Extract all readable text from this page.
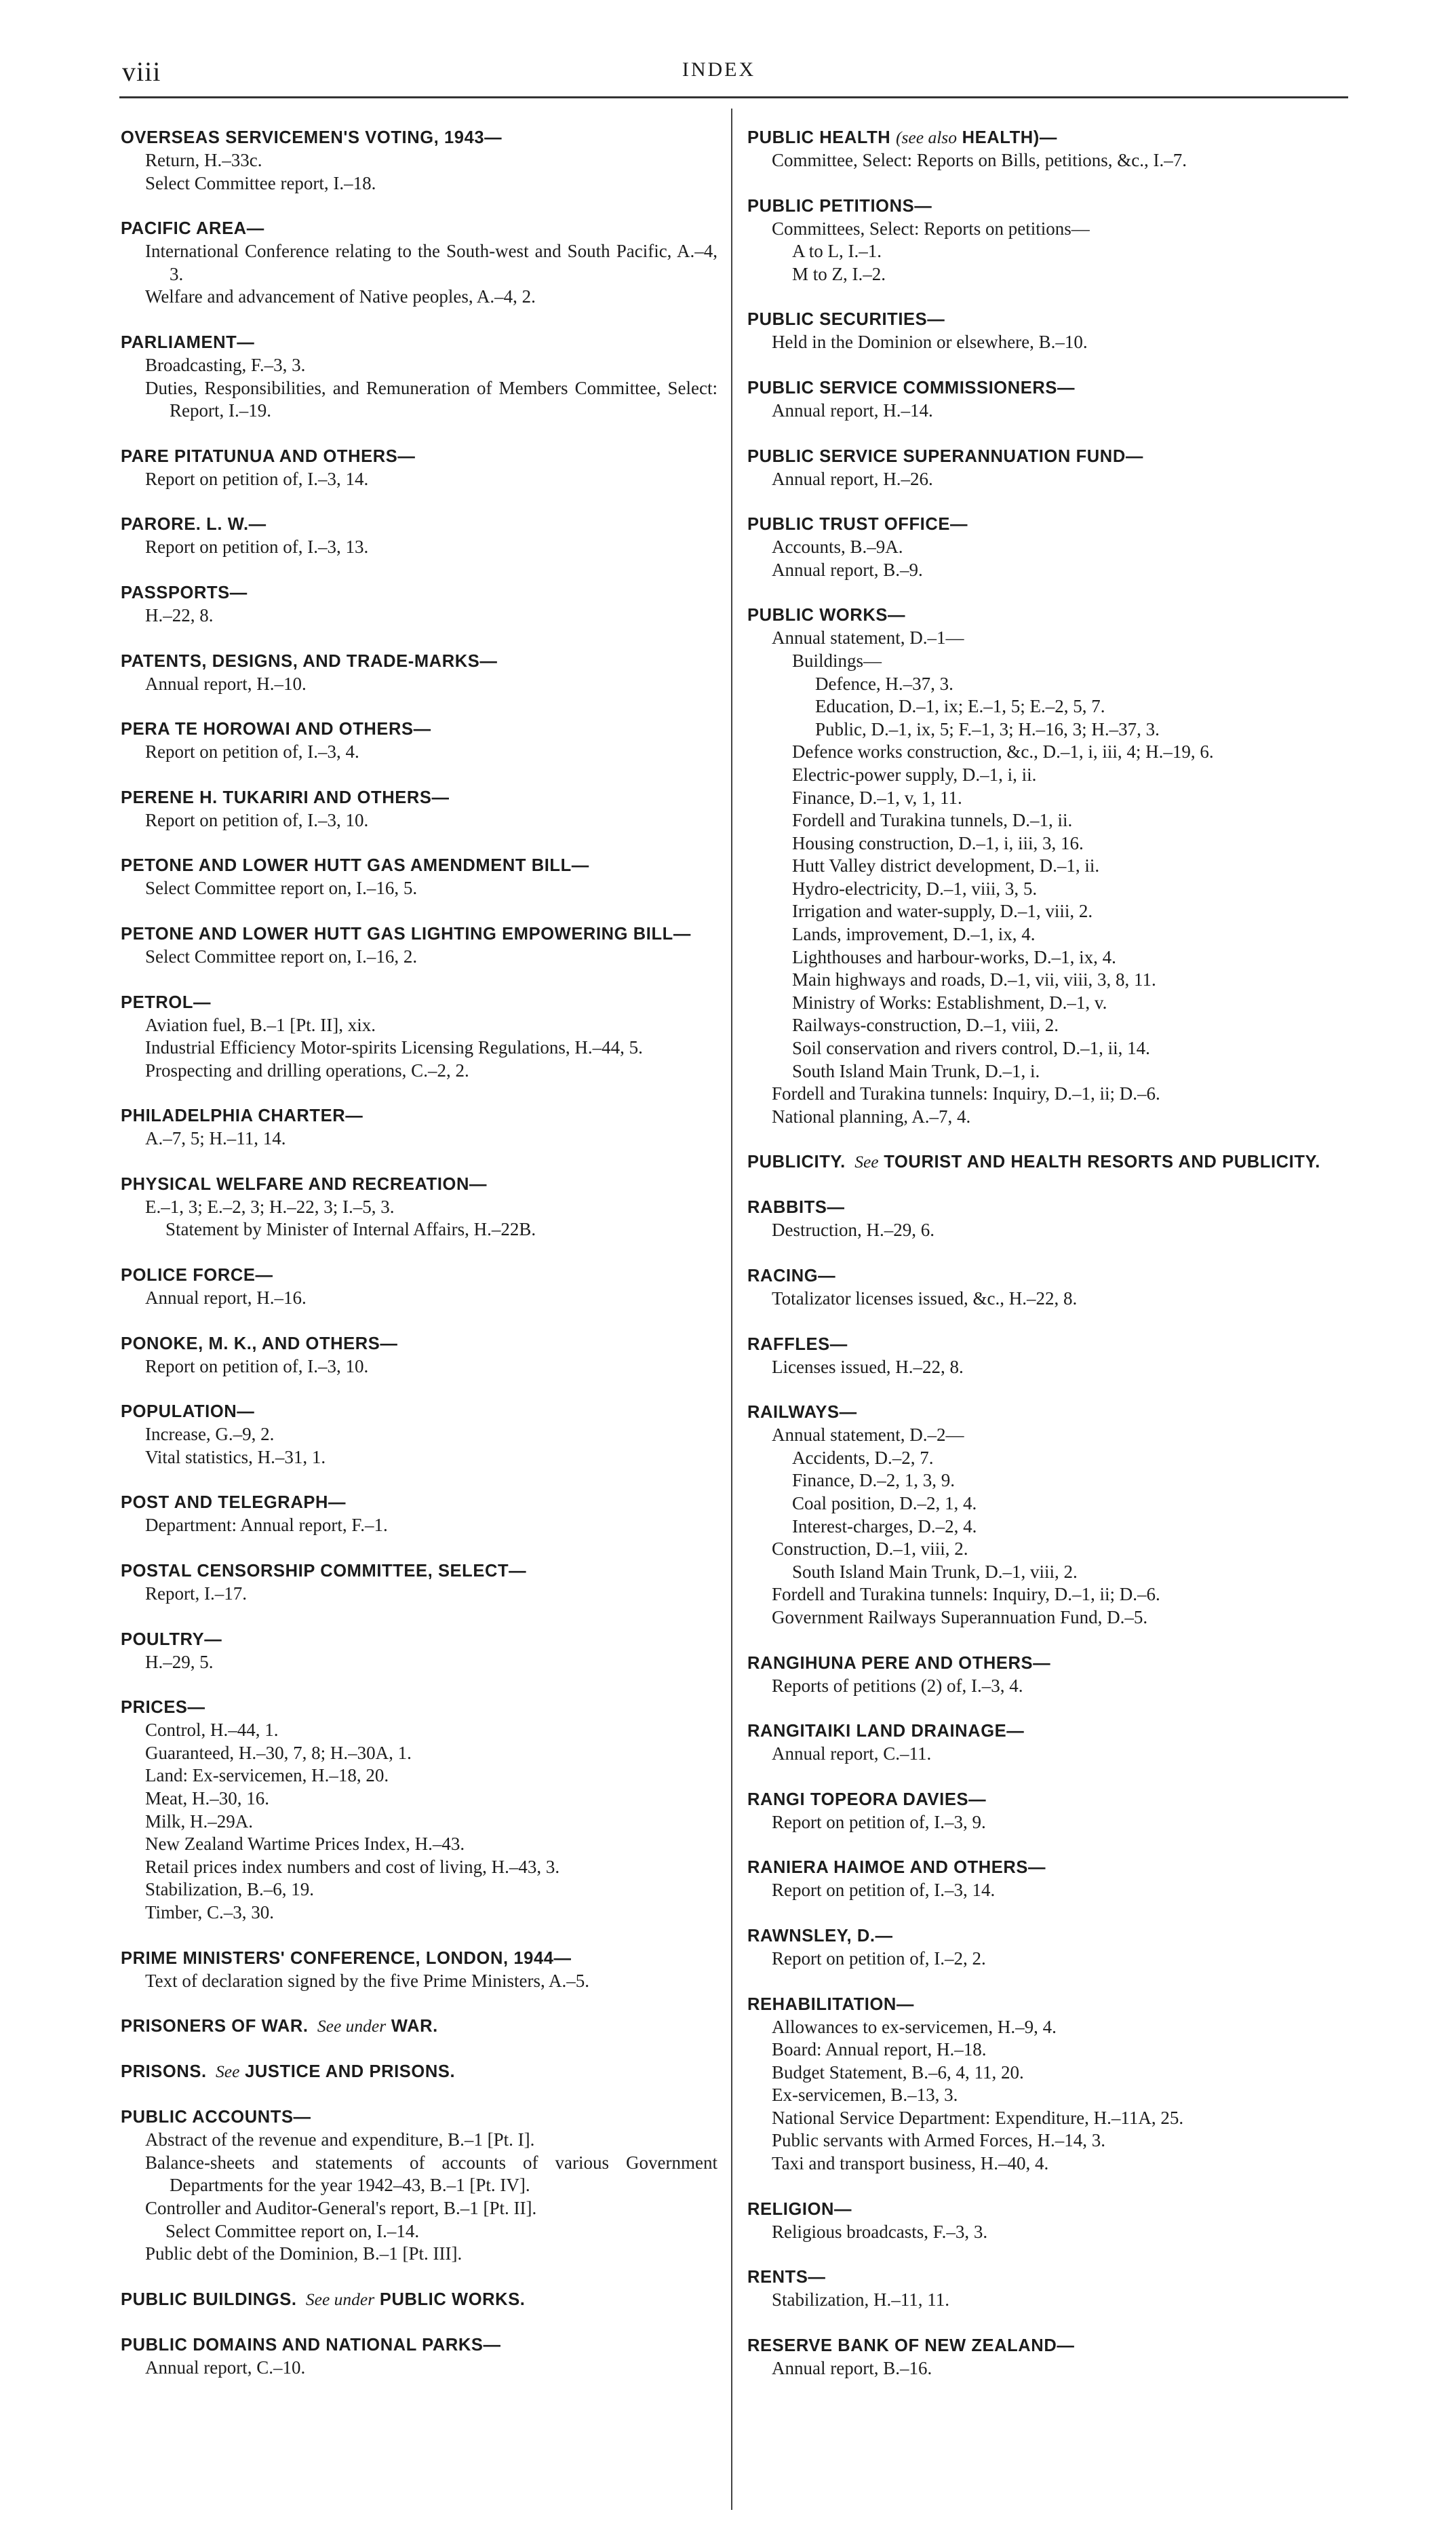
viii	INDEX
OVERSEAS SERVICEMEN'S VOTING, 1943—
Return, H.–33c.
Select Committee report, I.–18.
PACIFIC AREA—
International Conference relating to the South-west and South Pacific, A.–4, 3.
Welfare and advancement of Native peoples, A.–4, 2.
PARLIAMENT—
Broadcasting, F.–3, 3.
Duties, Responsibilities, and Remuneration of Members Committee, Select: Report, I.–19.
PARE PITATUNUA AND OTHERS—
Report on petition of, I.–3, 14.
PARORE. L. W.—
Report on petition of, I.–3, 13.
PASSPORTS—
H.–22, 8.
PATENTS, DESIGNS, AND TRADE-MARKS—
Annual report, H.–10.
PERA TE HOROWAI AND OTHERS—
Report on petition of, I.–3, 4.
PERENE H. TUKARIRI AND OTHERS—
Report on petition of, I.–3, 10.
PETONE AND LOWER HUTT GAS AMENDMENT BILL—
Select Committee report on, I.–16, 5.
PETONE AND LOWER HUTT GAS LIGHTING EMPOWERING BILL—
Select Committee report on, I.–16, 2.
PETROL—
Aviation fuel, B.–1 [Pt. II], xix.
Industrial Efficiency Motor-spirits Licensing Regulations, H.–44, 5.
Prospecting and drilling operations, C.–2, 2.
PHILADELPHIA CHARTER—
A.–7, 5; H.–11, 14.
PHYSICAL WELFARE AND RECREATION—
E.–1, 3; E.–2, 3; H.–22, 3; I.–5, 3.
Statement by Minister of Internal Affairs, H.–22B.
POLICE FORCE—
Annual report, H.–16.
PONOKE, M. K., AND OTHERS—
Report on petition of, I.–3, 10.
POPULATION—
Increase, G.–9, 2.
Vital statistics, H.–31, 1.
POST AND TELEGRAPH—
Department: Annual report, F.–1.
POSTAL CENSORSHIP COMMITTEE, SELECT—
Report, I.–17.
POULTRY—
H.–29, 5.
PRICES—
Control, H.–44, 1.
Guaranteed, H.–30, 7, 8; H.–30A, 1.
Land: Ex-servicemen, H.–18, 20.
Meat, H.–30, 16.
Milk, H.–29A.
New Zealand Wartime Prices Index, H.–43.
Retail prices index numbers and cost of living, H.–43, 3.
Stabilization, B.–6, 19.
Timber, C.–3, 30.
PRIME MINISTERS' CONFERENCE, LONDON, 1944—
Text of declaration signed by the five Prime Ministers, A.–5.
PRISONERS OF WAR.  See under WAR.
PRISONS.  See JUSTICE AND PRISONS.
PUBLIC ACCOUNTS—
Abstract of the revenue and expenditure, B.–1 [Pt. I].
Balance-sheets and statements of accounts of various Government Departments for the year 1942–43, B.–1 [Pt. IV].
Controller and Auditor-General's report, B.–1 [Pt. II].
Select Committee report on, I.–14.
Public debt of the Dominion, B.–1 [Pt. III].
PUBLIC BUILDINGS.  See under PUBLIC WORKS.
PUBLIC DOMAINS AND NATIONAL PARKS—
Annual report, C.–10.
PUBLIC HEALTH (see also HEALTH)—
Committee, Select: Reports on Bills, petitions, &c., I.–7.
PUBLIC PETITIONS—
Committees, Select: Reports on petitions—
A to L, I.–1.
M to Z, I.–2.
PUBLIC SECURITIES—
Held in the Dominion or elsewhere, B.–10.
PUBLIC SERVICE COMMISSIONERS—
Annual report, H.–14.
PUBLIC SERVICE SUPERANNUATION FUND—
Annual report, H.–26.
PUBLIC TRUST OFFICE—
Accounts, B.–9A.
Annual report, B.–9.
PUBLIC WORKS—
Annual statement, D.–1—
Buildings—
Defence, H.–37, 3.
Education, D.–1, ix; E.–1, 5; E.–2, 5, 7.
Public, D.–1, ix, 5; F.–1, 3; H.–16, 3; H.–37, 3.
Defence works construction, &c., D.–1, i, iii, 4; H.–19, 6.
Electric-power supply, D.–1, i, ii.
Finance, D.–1, v, 1, 11.
Fordell and Turakina tunnels, D.–1, ii.
Housing construction, D.–1, i, iii, 3, 16.
Hutt Valley district development, D.–1, ii.
Hydro-electricity, D.–1, viii, 3, 5.
Irrigation and water-supply, D.–1, viii, 2.
Lands, improvement, D.–1, ix, 4.
Lighthouses and harbour-works, D.–1, ix, 4.
Main highways and roads, D.–1, vii, viii, 3, 8, 11.
Ministry of Works: Establishment, D.–1, v.
Railways-construction, D.–1, viii, 2.
Soil conservation and rivers control, D.–1, ii, 14.
South Island Main Trunk, D.–1, i.
Fordell and Turakina tunnels: Inquiry, D.–1, ii; D.–6.
National planning, A.–7, 4.
PUBLICITY.  See TOURIST AND HEALTH RESORTS AND PUBLICITY.
RABBITS—
Destruction, H.–29, 6.
RACING—
Totalizator licenses issued, &c., H.–22, 8.
RAFFLES—
Licenses issued, H.–22, 8.
RAILWAYS—
Annual statement, D.–2—
Accidents, D.–2, 7.
Finance, D.–2, 1, 3, 9.
Coal position, D.–2, 1, 4.
Interest-charges, D.–2, 4.
Construction, D.–1, viii, 2.
South Island Main Trunk, D.–1, viii, 2.
Fordell and Turakina tunnels: Inquiry, D.–1, ii; D.–6.
Government Railways Superannuation Fund, D.–5.
RANGIHUNA PERE AND OTHERS—
Reports of petitions (2) of, I.–3, 4.
RANGITAIKI LAND DRAINAGE—
Annual report, C.–11.
RANGI TOPEORA DAVIES—
Report on petition of, I.–3, 9.
RANIERA HAIMOE AND OTHERS—
Report on petition of, I.–3, 14.
RAWNSLEY, D.—
Report on petition of, I.–2, 2.
REHABILITATION—
Allowances to ex-servicemen, H.–9, 4.
Board: Annual report, H.–18.
Budget Statement, B.–6, 4, 11, 20.
Ex-servicemen, B.–13, 3.
National Service Department: Expenditure, H.–11A, 25.
Public servants with Armed Forces, H.–14, 3.
Taxi and transport business, H.–40, 4.
RELIGION—
Religious broadcasts, F.–3, 3.
RENTS—
Stabilization, H.–11, 11.
RESERVE BANK OF NEW ZEALAND—
Annual report, B.–16.
